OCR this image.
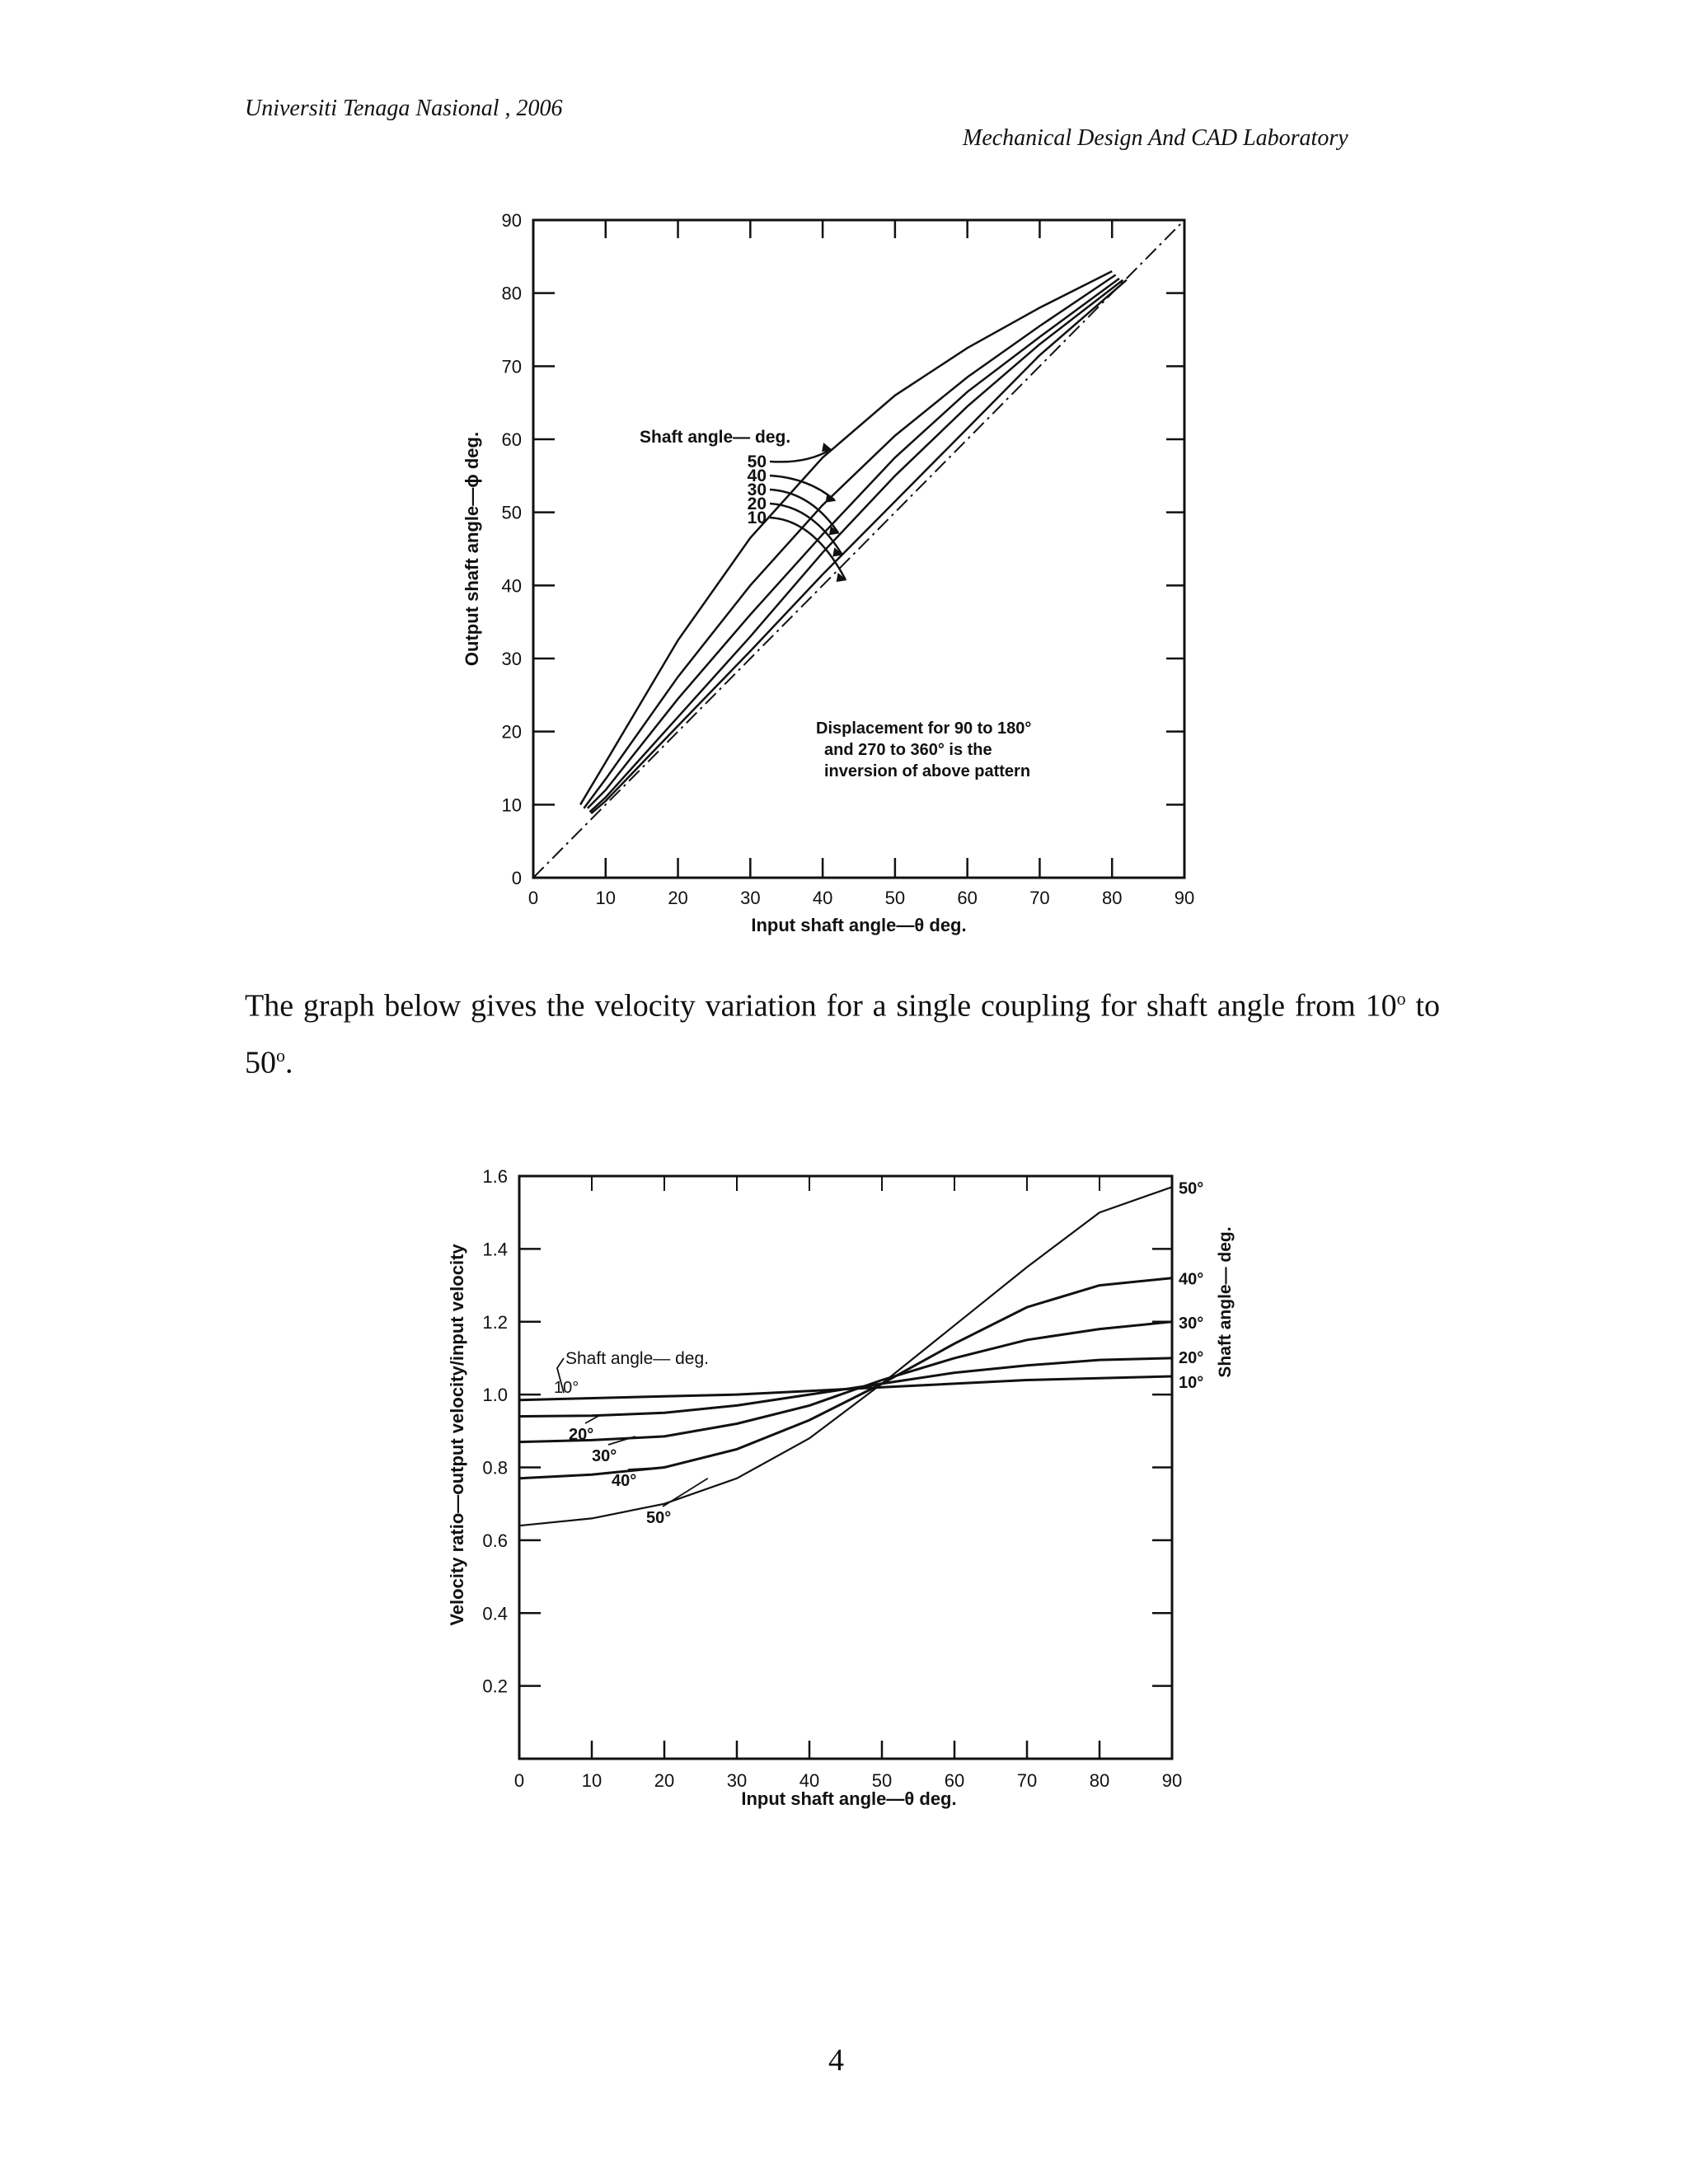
Universiti Tenaga Nasional , 2006
Mechanical Design And CAD Laboratory
0	10	20	30	40	50	60	70	80	90
0
10
20
30
40
50
60
70
80
90
50
40
30
20
10
Input shaft angle—θ deg.
Output shaft angle—ϕ deg.	Shaft angle— deg.
Displacement for 90 to 180°
and 270 to 360° is the
inversion of above pattern
The graph below gives the velocity variation for a single coupling for shaft angle from 10$^o$ to 50$^o$.
0	10	20	30	40	50	60	70	80	90
0.2
0.4
0.6
0.8
1.0
1.2
1.4
1.6
10°
10°
20°
20°
30°
30°
40°
40°
50°
50°
Input shaft angle—θ deg.
Velocity ratio—output velocity/input velocity	Shaft angle— deg.
Shaft angle— deg.
4
